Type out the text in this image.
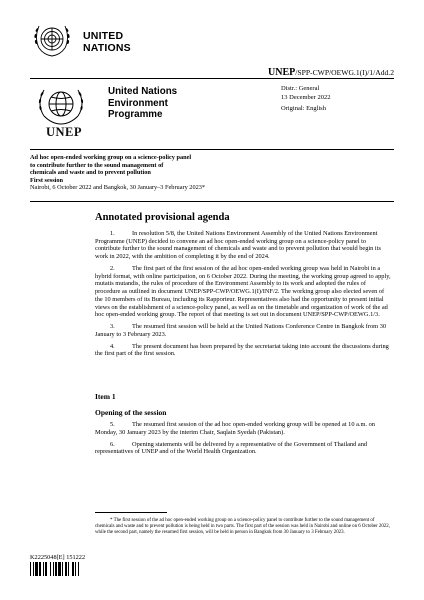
UNITED
NATIONS
UNEP/SPP-CWP/OEWG.1(I)/1/Add.2
UNEP
United Nations
Environment
Programme
Distr.: General
13 December 2022
Original: English
Ad hoc open-ended working group on a science-policy panel
to contribute further to the sound management of
chemicals and waste and to prevent pollution
First session
Nairobi, 6 October 2022 and Bangkok, 30 January–3 February 2023*
Annotated provisional agenda

1.	In resolution 5/8, the United Nations Environment Assembly of the United Nations Environment Programme (UNEP) decided to convene an ad hoc open-ended working group on a science-policy panel to contribute further to the sound management of chemicals and waste and to prevent pollution that would begin its work in 2022, with the ambition of completing it by the end of 2024.

2.	The first part of the first session of the ad hoc open-ended working group was held in Nairobi in a hybrid format, with online participation, on 6 October 2022. During the meeting, the working group agreed to apply, mutatis mutandis, the rules of procedure of the Environment Assembly to its work and adopted the rules of procedure as outlined in document UNEP/SPP-CWP/OEWG.1(I)/INF/2. The working group also elected seven of the 10 members of its Bureau, including its Rapporteur. Representatives also had the opportunity to present initial views on the establishment of a science-policy panel, as well as on the timetable and organization of work of the ad hoc open-ended working group. The report of that meeting is set out in document UNEP/SPP-CWP/OEWG.1/3.

3.	The resumed first session will be held at the United Nations Conference Centre in Bangkok from 30 January to 3 February 2023.

4.	The present document has been prepared by the secretariat taking into account the discussions during the first part of the first session.

Item 1
Opening of the session

5.	The resumed first session of the ad hoc open-ended working group will be opened at 10 a.m. on Monday, 30 January 2023 by the interim Chair, Saqlain Syedah (Pakistan).

6.	Opening statements will be delivered by a representative of the Government of Thailand and representatives of UNEP and of the World Health Organization.

* The first session of the ad hoc open-ended working group on a science-policy panel to contribute further to the sound management of chemicals and waste and to prevent pollution is being held in two parts. The first part of the session was held in Nairobi and online on 6 October 2022, while the second part, namely the resumed first session, will be held in person in Bangkok from 30 January to 3 February 2023.
K2225048[E] 151222
